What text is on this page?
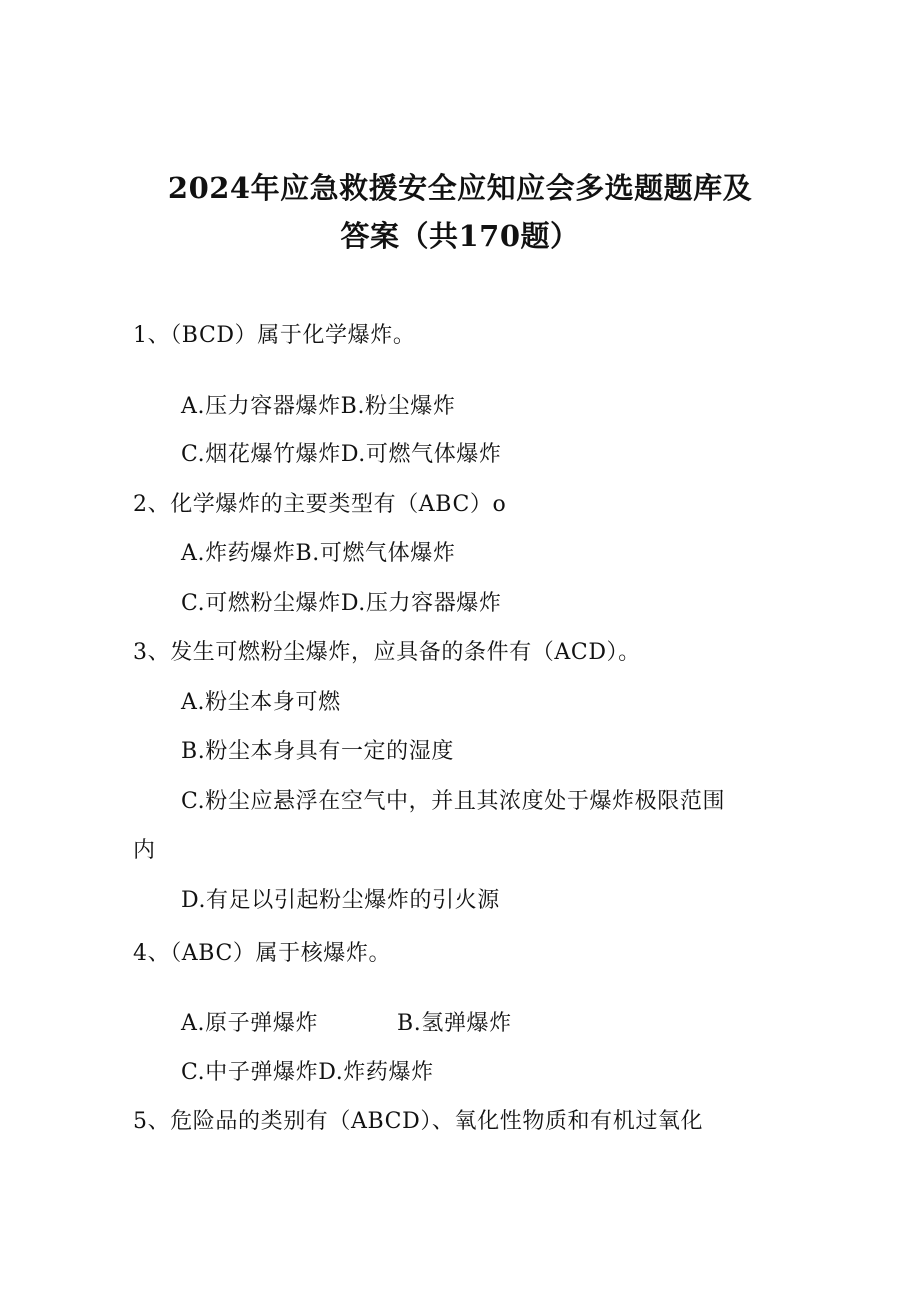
2024年应急救援安全应知应会多选题题库及
答案（共170题）
1、（BCD）属于化学爆炸。
A.压力容器爆炸B.粉尘爆炸
C.烟花爆竹爆炸D.可燃气体爆炸
2、化学爆炸的主要类型有（ABC）o
A.炸药爆炸B.可燃气体爆炸
C.可燃粉尘爆炸D.压力容器爆炸
3、发生可燃粉尘爆炸，应具备的条件有（ACD）。
A.粉尘本身可燃
B.粉尘本身具有一定的湿度
C.粉尘应悬浮在空气中，并且其浓度处于爆炸极限范围
内
D.有足以引起粉尘爆炸的引火源
4、（ABC）属于核爆炸。
A.原子弹爆炸	B.氢弹爆炸
C.中子弹爆炸D.炸药爆炸
5、危险品的类别有（ABCD）、氧化性物质和有机过氧化
